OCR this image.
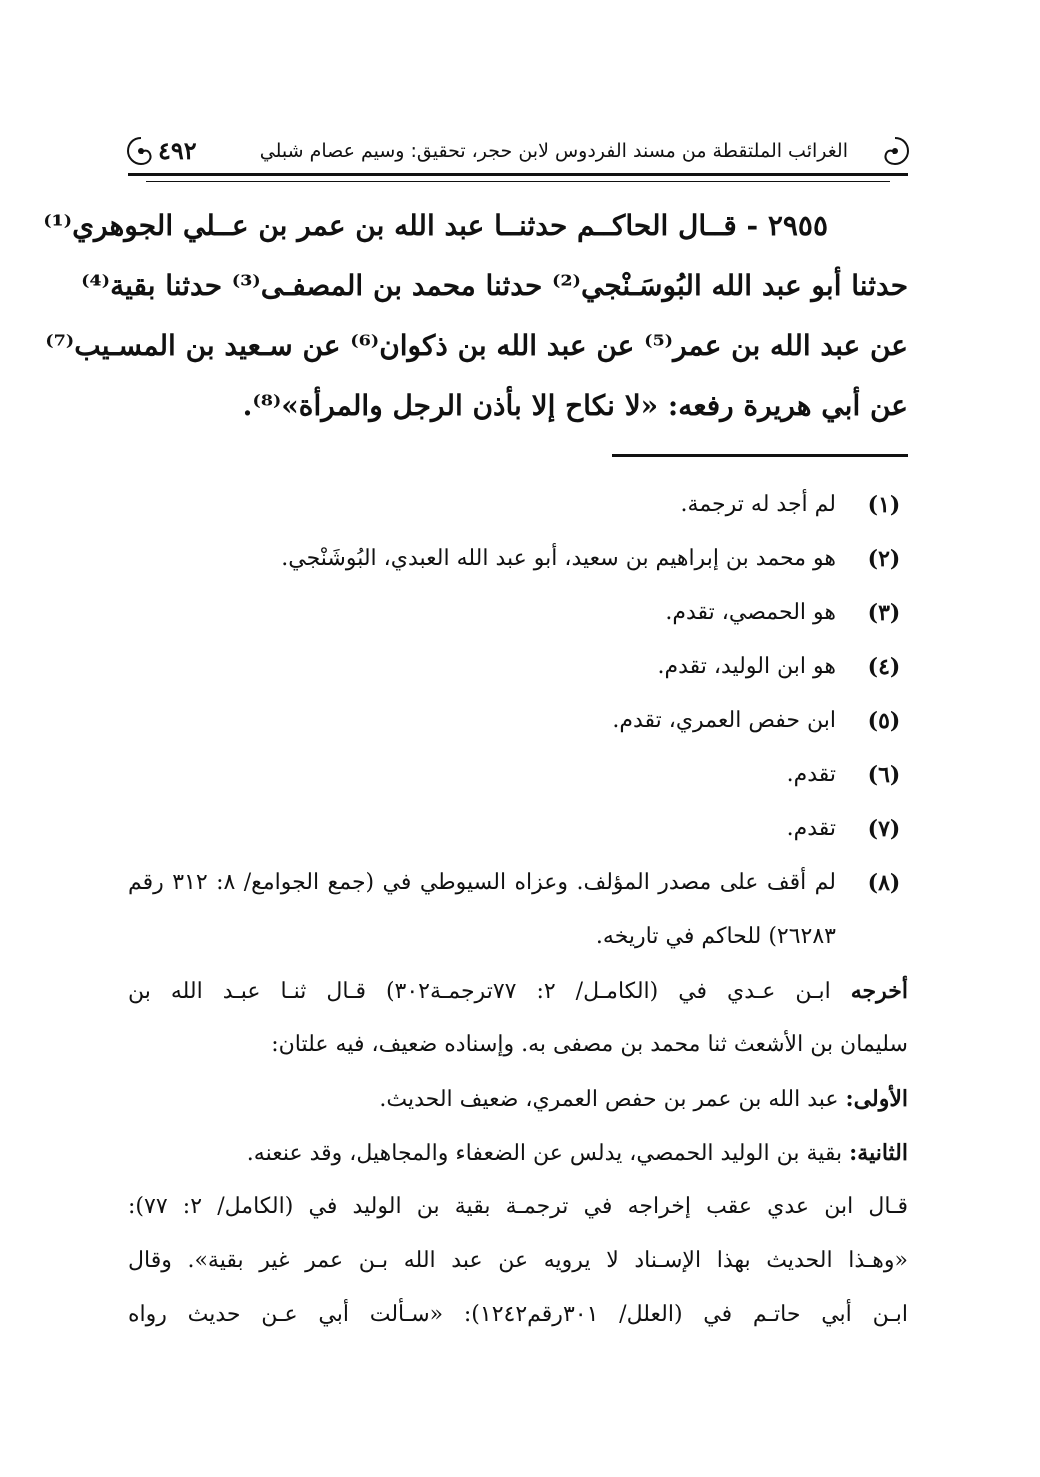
الغرائب الملتقطة من مسند الفردوس لابن حجر، تحقيق: وسيم عصام شبلي
٤٩٢
٢٩٥٥ - قــال الحاكــم حدثنــا عبد الله بن عمر بن عــلي الجوهري⁽¹⁾
حدثنا أبو عبد الله البُوسَـنْجي⁽²⁾ حدثنا محمد بن المصفـى⁽³⁾ حدثنا بقية⁽⁴⁾
عن عبد الله بن عمر⁽⁵⁾ عن عبد الله بن ذكوان⁽⁶⁾ عن سـعيد بن المسـيب⁽⁷⁾
عن أبي هريرة رفعه: «لا نكاح إلا بأذن الرجل والمرأة»⁽⁸⁾.
(١)
لم أجد له ترجمة.
(٢)
هو محمد بن إبراهيم بن سعيد، أبو عبد الله العبدي، البُوشَنْجي.
(٣)
هو الحمصي، تقدم.
(٤)
هو ابن الوليد، تقدم.
(٥)
ابن حفص العمري، تقدم.
(٦)
تقدم.
(٧)
تقدم.
(٨)
لم أقف على مصدر المؤلف. وعزاه السيوطي في (جمع الجوامع/ ٨: ٣١٢ رقم ٢٦٢٨٣) للحاكم في تاريخه.
أخرجه ابـن عـدي في (الكامـل/ ٢: ٧٧ترجمـة٣٠٢) قـال ثنـا عبـد الله بن
سليمان بن الأشعث ثنا محمد بن مصفى به. وإسناده ضعيف، فيه علتان:
الأولى: عبد الله بن عمر بن حفص العمري، ضعيف الحديث.
الثانية: بقية بن الوليد الحمصي، يدلس عن الضعفاء والمجاهيل، وقد عنعنه.
قـال ابن عدي عقب إخراجه في ترجمـة بقية بن الوليد في (الكامل/ ٢: ٧٧):
«وهـذا الحديث بهذا الإسـناد لا يرويه عن عبد الله بـن عمر غير بقية». وقال
ابـن أبي حاتـم في (العلل/ ٣٠١رقم١٢٤٢): «سـألت أبي عـن حديث رواه
